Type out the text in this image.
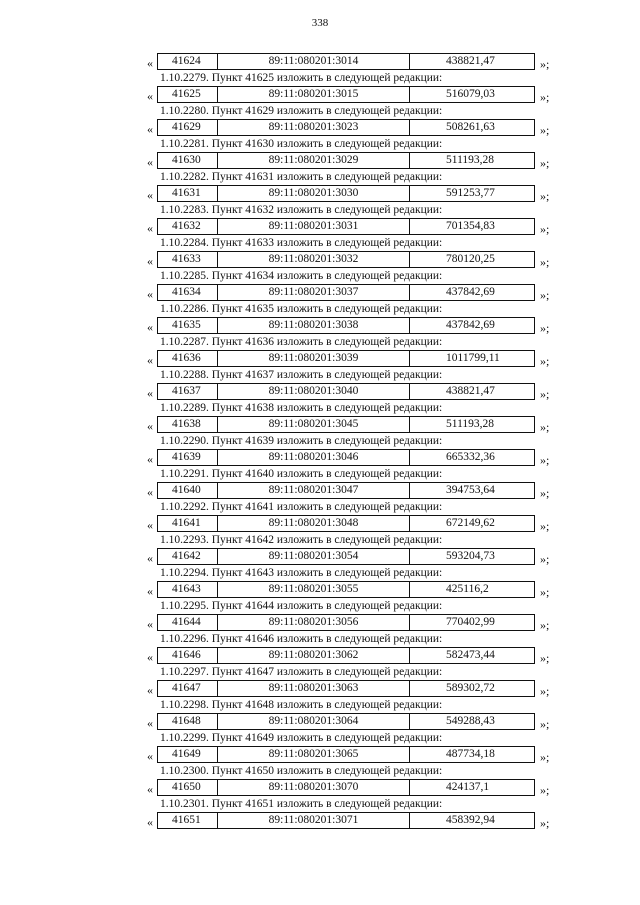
338
«	41624	89:11:080201:3014	438821,47	»;
1.10.2279. Пункт 41625 изложить в следующей редакции:
«	41625	89:11:080201:3015	516079,03	»;
1.10.2280. Пункт 41629 изложить в следующей редакции:
«	41629	89:11:080201:3023	508261,63	»;
1.10.2281. Пункт 41630 изложить в следующей редакции:
«	41630	89:11:080201:3029	511193,28	»;
1.10.2282. Пункт 41631 изложить в следующей редакции:
«	41631	89:11:080201:3030	591253,77	»;
1.10.2283. Пункт 41632 изложить в следующей редакции:
«	41632	89:11:080201:3031	701354,83	»;
1.10.2284. Пункт 41633 изложить в следующей редакции:
«	41633	89:11:080201:3032	780120,25	»;
1.10.2285. Пункт 41634 изложить в следующей редакции:
«	41634	89:11:080201:3037	437842,69	»;
1.10.2286. Пункт 41635 изложить в следующей редакции:
«	41635	89:11:080201:3038	437842,69	»;
1.10.2287. Пункт 41636 изложить в следующей редакции:
«	41636	89:11:080201:3039	1011799,11	»;
1.10.2288. Пункт 41637 изложить в следующей редакции:
«	41637	89:11:080201:3040	438821,47	»;
1.10.2289. Пункт 41638 изложить в следующей редакции:
«	41638	89:11:080201:3045	511193,28	»;
1.10.2290. Пункт 41639 изложить в следующей редакции:
«	41639	89:11:080201:3046	665332,36	»;
1.10.2291. Пункт 41640 изложить в следующей редакции:
«	41640	89:11:080201:3047	394753,64	»;
1.10.2292. Пункт 41641 изложить в следующей редакции:
«	41641	89:11:080201:3048	672149,62	»;
1.10.2293. Пункт 41642 изложить в следующей редакции:
«	41642	89:11:080201:3054	593204,73	»;
1.10.2294. Пункт 41643 изложить в следующей редакции:
«	41643	89:11:080201:3055	425116,2	»;
1.10.2295. Пункт 41644 изложить в следующей редакции:
«	41644	89:11:080201:3056	770402,99	»;
1.10.2296. Пункт 41646 изложить в следующей редакции:
«	41646	89:11:080201:3062	582473,44	»;
1.10.2297. Пункт 41647 изложить в следующей редакции:
«	41647	89:11:080201:3063	589302,72	»;
1.10.2298. Пункт 41648 изложить в следующей редакции:
«	41648	89:11:080201:3064	549288,43	»;
1.10.2299. Пункт 41649 изложить в следующей редакции:
«	41649	89:11:080201:3065	487734,18	»;
1.10.2300. Пункт 41650 изложить в следующей редакции:
«	41650	89:11:080201:3070	424137,1	»;
1.10.2301. Пункт 41651 изложить в следующей редакции:
«	41651	89:11:080201:3071	458392,94	»;
